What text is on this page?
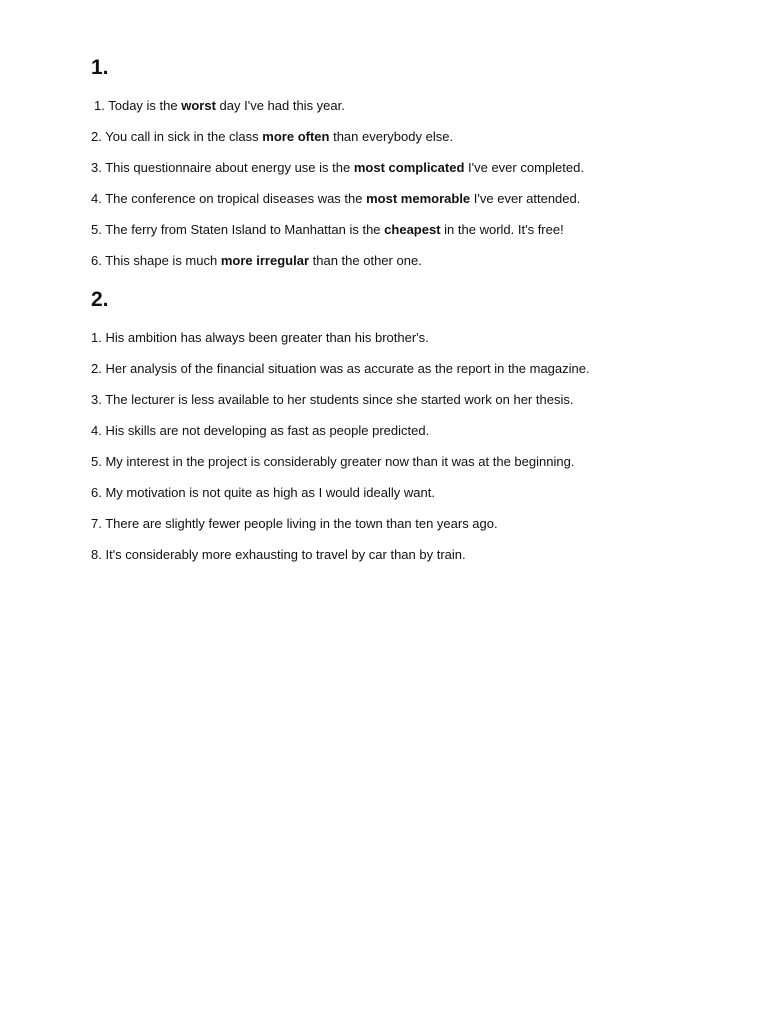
1.
1. Today is the worst day I've had this year.
2. You call in sick in the class more often than everybody else.
3. This questionnaire about energy use is the most complicated I've ever completed.
4. The conference on tropical diseases was the most memorable I've ever attended.
5. The ferry from Staten Island to Manhattan is the cheapest in the world. It's free!
6. This shape is much more irregular than the other one.
2.
1. His ambition has always been greater than his brother's.
2. Her analysis of the financial situation was as accurate as the report in the magazine.
3. The lecturer is less available to her students since she started work on her thesis.
4. His skills are not developing as fast as people predicted.
5. My interest in the project is considerably greater now than it was at the beginning.
6. My motivation is not quite as high as I would ideally want.
7. There are slightly fewer people living in the town than ten years ago.
8. It's considerably more exhausting to travel by car than by train.
